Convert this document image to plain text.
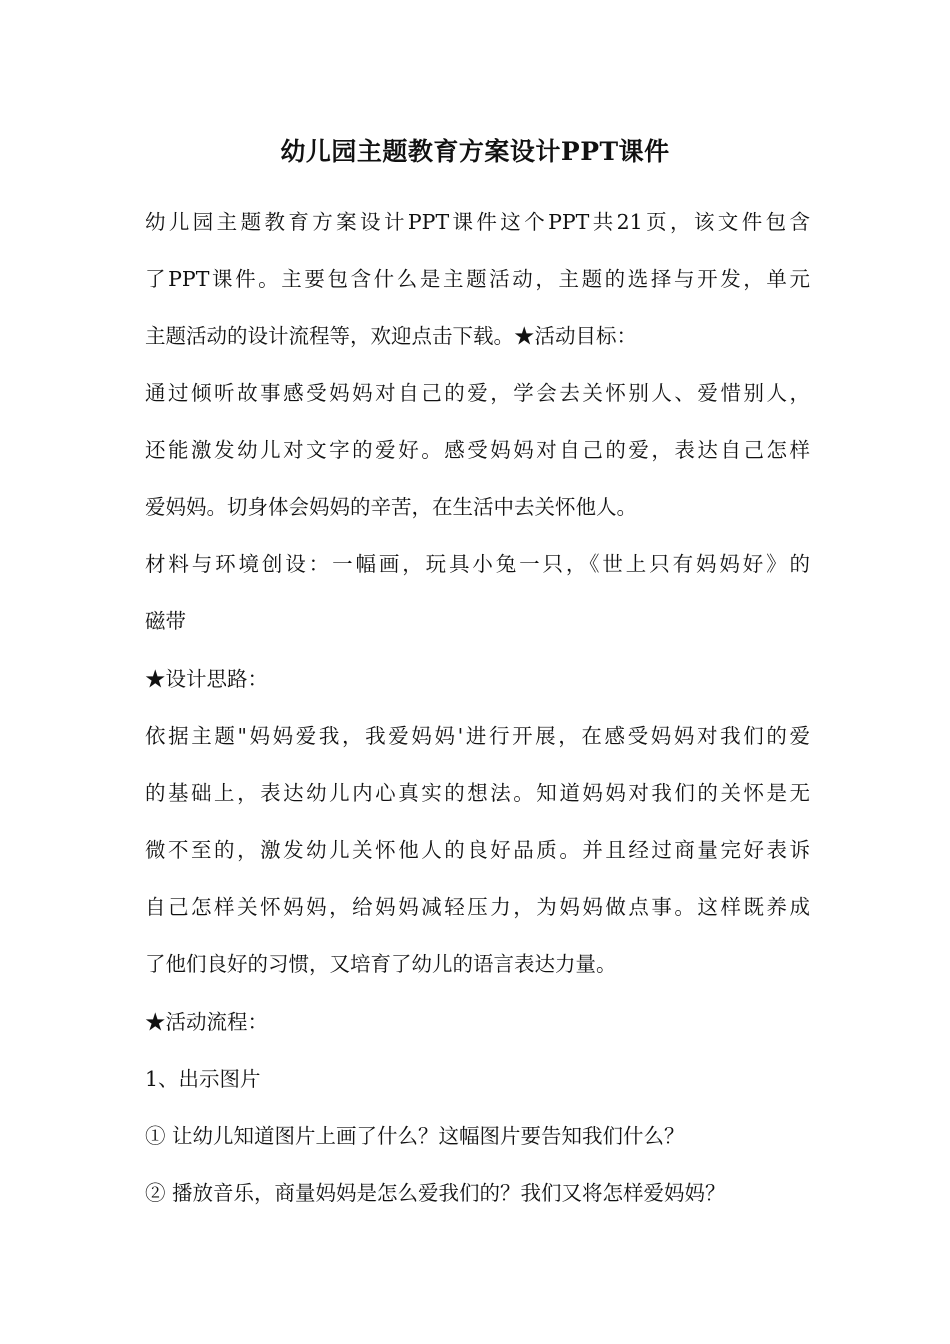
幼儿园主题教育方案设计PPT课件

幼儿园主题教育方案设计PPT课件这个PPT共21页，该文件包含

了PPT课件。主要包含什么是主题活动，主题的选择与开发，单元

主题活动的设计流程等，欢迎点击下载。★活动目标：

通过倾听故事感受妈妈对自己的爱，学会去关怀别人、爱惜别人，

还能激发幼儿对文字的爱好。感受妈妈对自己的爱，表达自己怎样

爱妈妈。切身体会妈妈的辛苦，在生活中去关怀他人。

材料与环境创设：一幅画，玩具小兔一只，《世上只有妈妈好》的

磁带

★设计思路：

依据主题"妈妈爱我，我爱妈妈'进行开展，在感受妈妈对我们的爱

的基础上，表达幼儿内心真实的想法。知道妈妈对我们的关怀是无

微不至的，激发幼儿关怀他人的良好品质。并且经过商量完好表诉

自己怎样关怀妈妈，给妈妈减轻压力，为妈妈做点事。这样既养成

了他们良好的习惯，又培育了幼儿的语言表达力量。

★活动流程：

1、出示图片

① 让幼儿知道图片上画了什么？这幅图片要告知我们什么？

② 播放音乐，商量妈妈是怎么爱我们的？我们又将怎样爱妈妈？
